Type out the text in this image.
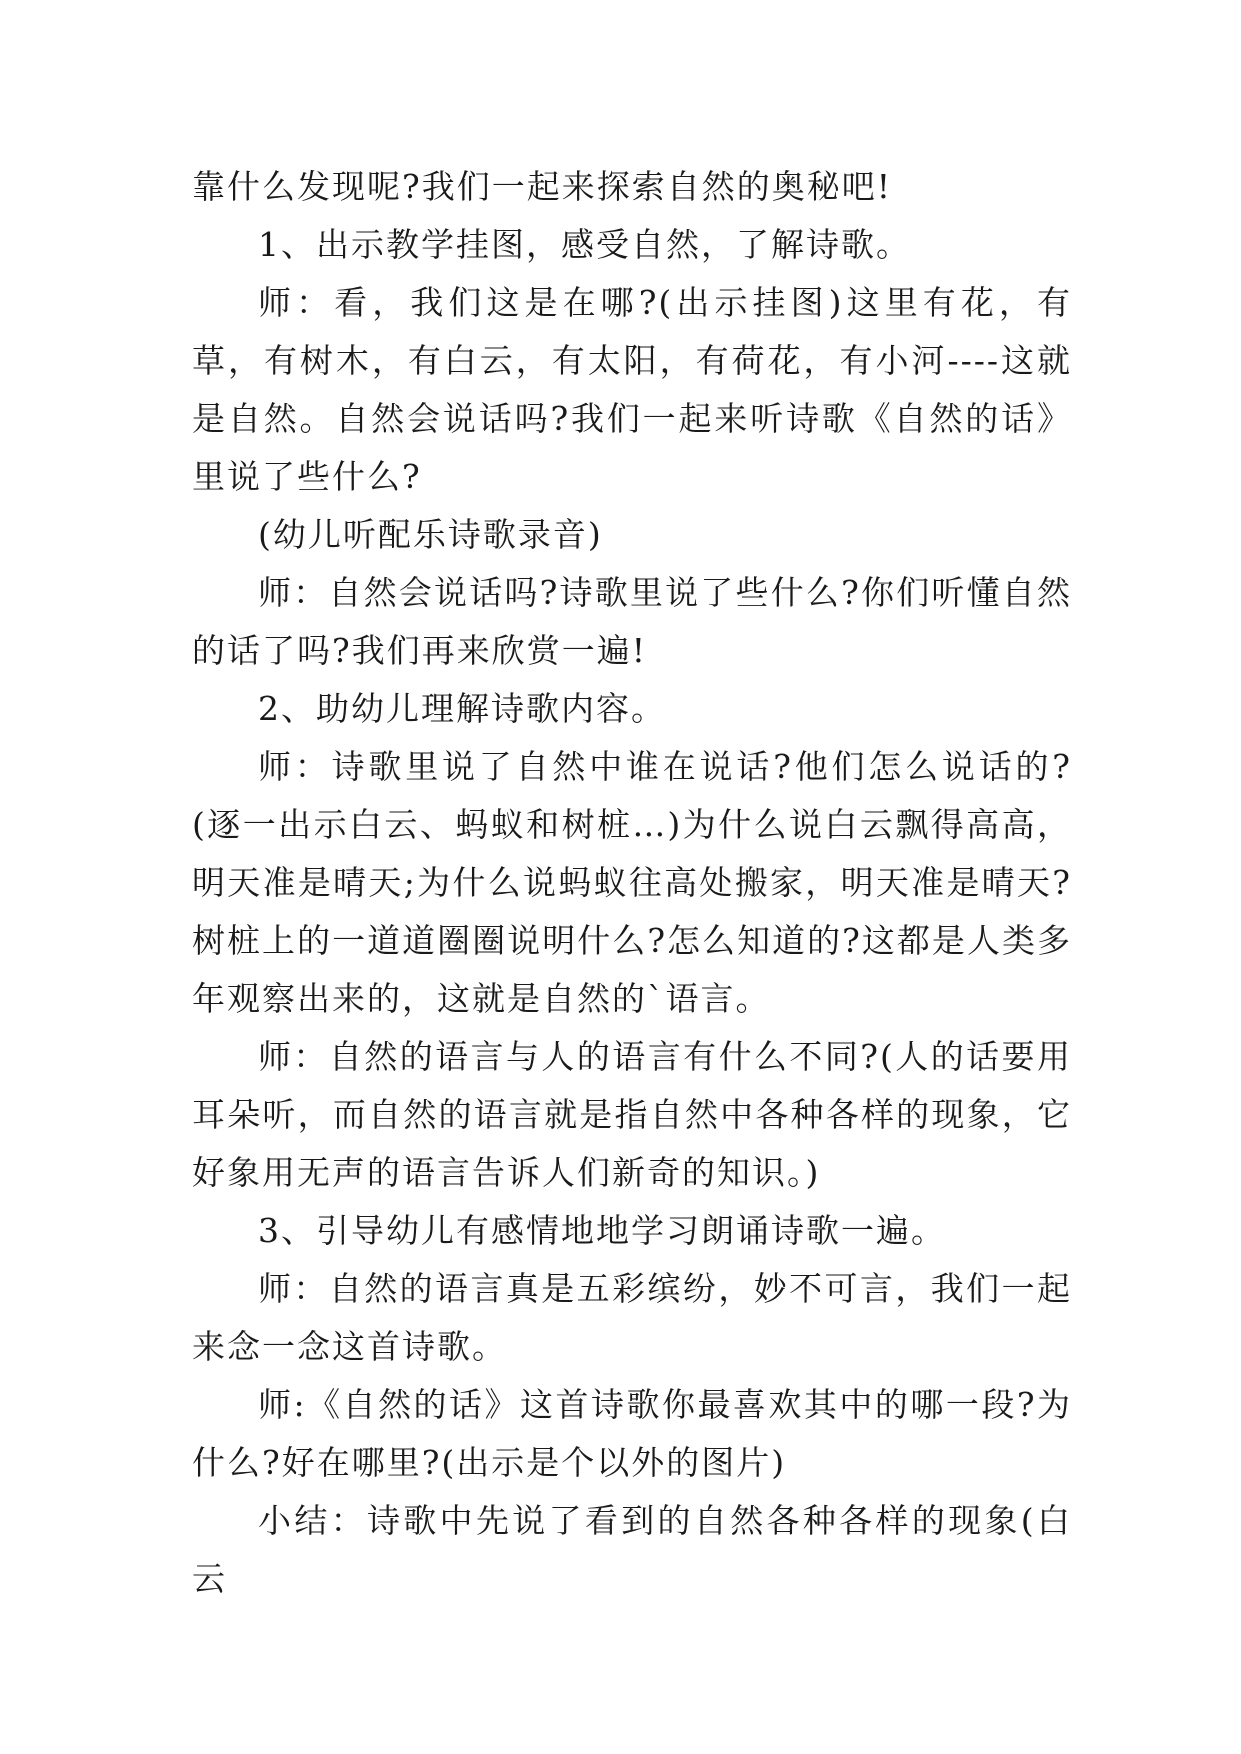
靠什么发现呢?我们一起来探索自然的奥秘吧!

1、出示教学挂图，感受自然，了解诗歌。

师：看，我们这是在哪?(出示挂图)这里有花，有草，有树木，有白云，有太阳，有荷花，有小河----这就是自然。自然会说话吗?我们一起来听诗歌《自然的话》里说了些什么?

(幼儿听配乐诗歌录音)

师：自然会说话吗?诗歌里说了些什么?你们听懂自然的话了吗?我们再来欣赏一遍!

2、助幼儿理解诗歌内容。

师：诗歌里说了自然中谁在说话?他们怎么说话的?(逐一出示白云、蚂蚁和树桩…)为什么说白云飘得高高，明天准是晴天;为什么说蚂蚁往高处搬家，明天准是晴天?树桩上的一道道圈圈说明什么?怎么知道的?这都是人类多年观察出来的，这就是自然的`语言。

师：自然的语言与人的语言有什么不同?(人的话要用耳朵听，而自然的语言就是指自然中各种各样的现象，它好象用无声的语言告诉人们新奇的知识。)

3、引导幼儿有感情地地学习朗诵诗歌一遍。

师：自然的语言真是五彩缤纷，妙不可言，我们一起来念一念这首诗歌。

师:《自然的话》这首诗歌你最喜欢其中的哪一段?为什么?好在哪里?(出示是个以外的图片)

小结：诗歌中先说了看到的自然各种各样的现象(白云
